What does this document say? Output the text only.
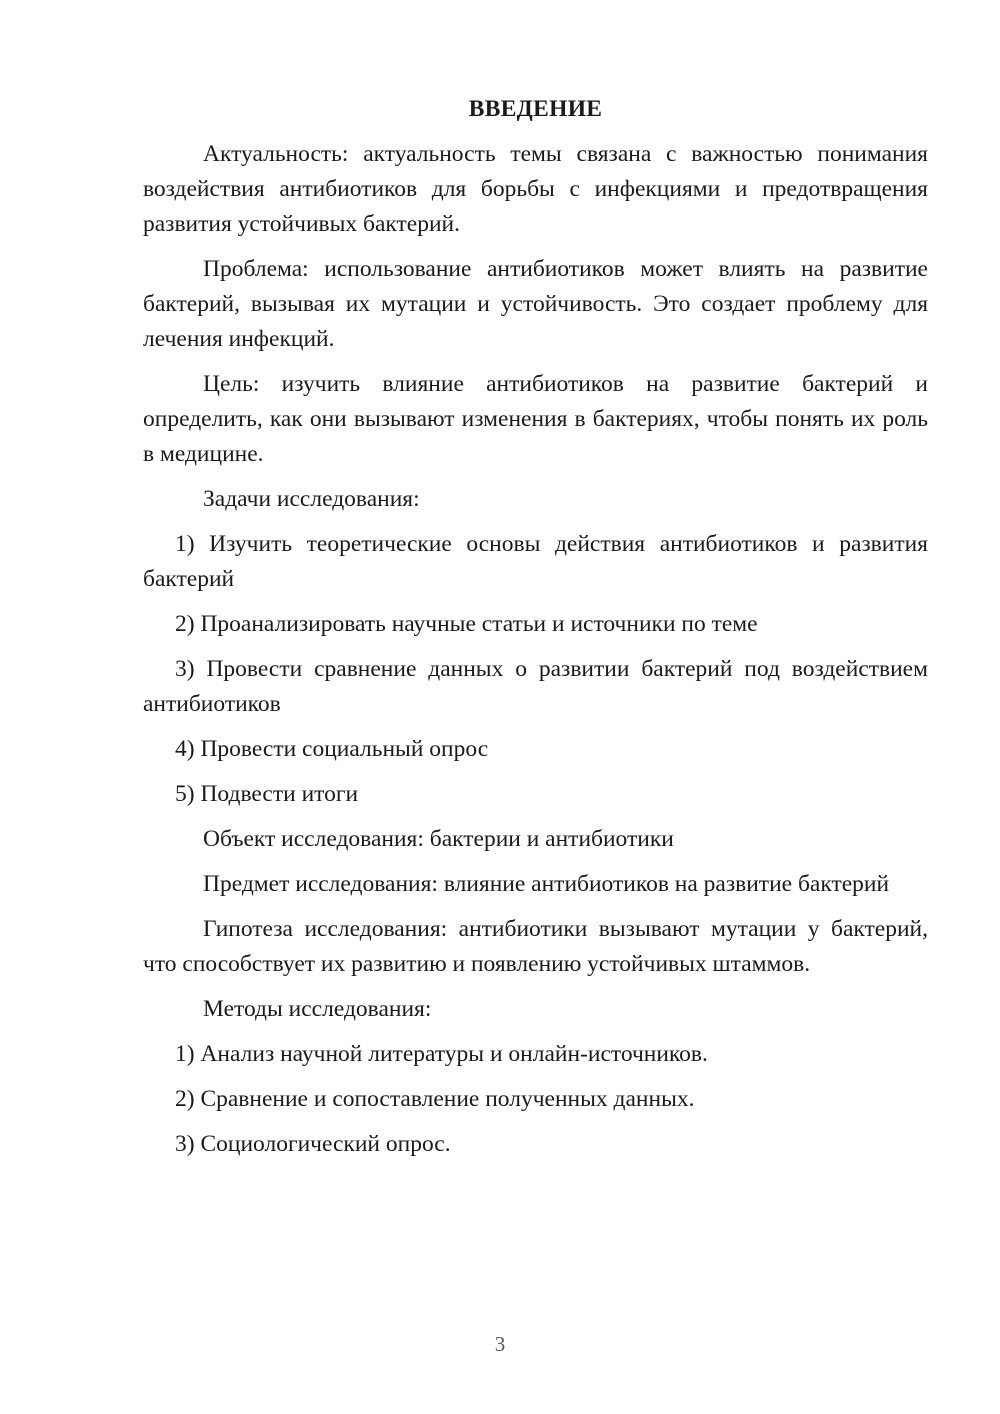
ВВЕДЕНИЕ

Актуальность: актуальность темы связана с важностью понимания воздействия антибиотиков для борьбы с инфекциями и предотвращения развития устойчивых бактерий.

Проблема: использование антибиотиков может влиять на развитие бактерий, вызывая их мутации и устойчивость. Это создает проблему для лечения инфекций.

Цель: изучить влияние антибиотиков на развитие бактерий и определить, как они вызывают изменения в бактериях, чтобы понять их роль в медицине.

Задачи исследования:

1) Изучить теоретические основы действия антибиотиков и развития бактерий

2) Проанализировать научные статьи и источники по теме

3) Провести сравнение данных о развитии бактерий под воздействием антибиотиков

4) Провести социальный опрос

5) Подвести итоги

Объект исследования: бактерии и антибиотики

Предмет исследования: влияние антибиотиков на развитие бактерий

Гипотеза исследования: антибиотики вызывают мутации у бактерий, что способствует их развитию и появлению устойчивых штаммов.

Методы исследования:

1) Анализ научной литературы и онлайн-источников.

2) Сравнение и сопоставление полученных данных.

3) Социологический опрос.

3
